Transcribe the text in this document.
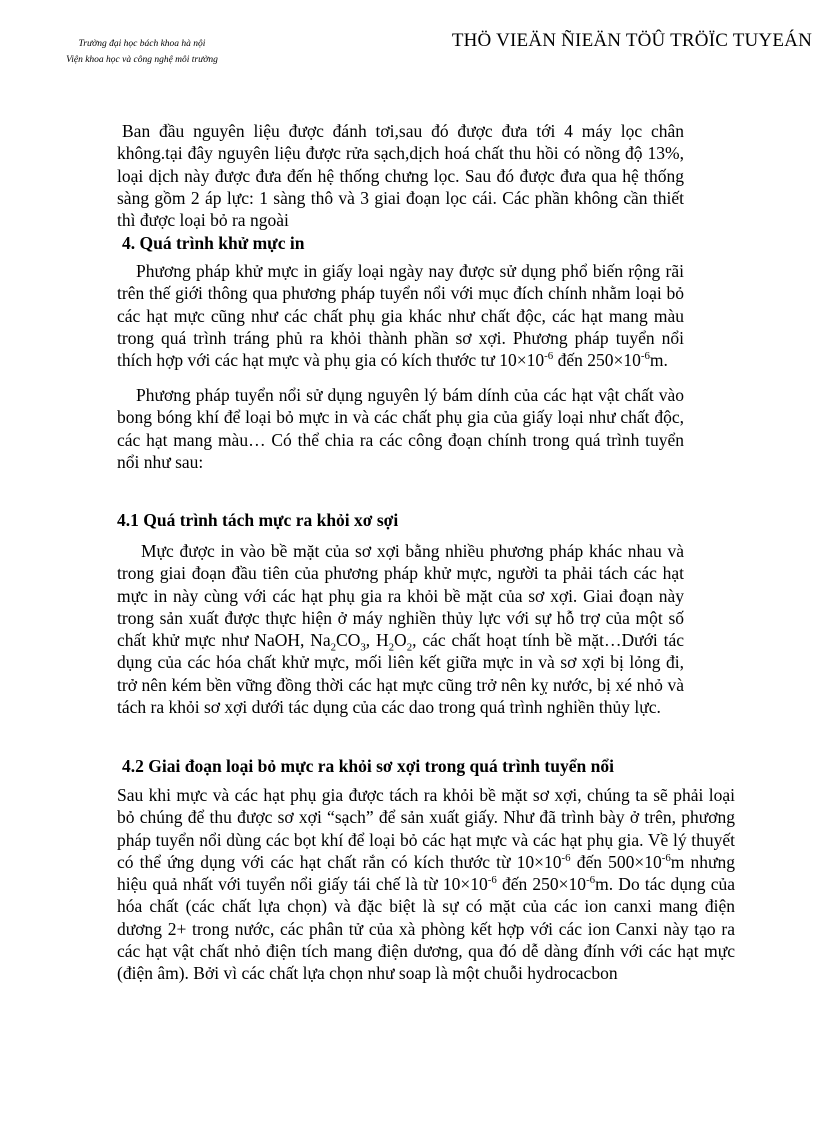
Trường đại học bách khoa hà nội
Viện khoa học và công nghệ môi trường
THÖ VIEÄN ÑIEÄN TÖÛ TRÖÏC TUYEÁN
Ban đầu nguyên liệu được đánh tơi,sau đó được đưa tới 4 máy lọc chân không.tại đây nguyên liệu được rửa sạch,dịch hoá chất thu hồi có nồng độ 13%, loại dịch này được đưa đến hệ thống chưng lọc. Sau đó được đưa qua hệ thống sàng gồm 2 áp lực: 1 sàng thô và 3 giai đoạn lọc cái. Các phần không cần thiết thì được loại bỏ ra ngoài
4. Quá trình khử mực in
Phương pháp khử mực in giấy loại ngày nay được sử dụng phổ biến rộng rãi trên thế giới thông qua phương pháp tuyển nổi với mục đích chính nhằm loại bỏ các hạt mực cũng như các chất phụ gia khác như chất độc, các hạt mang màu trong quá trình tráng phủ ra khỏi thành phần sơ xợi. Phương pháp tuyển nổi thích hợp với các hạt mực và phụ gia có kích thước tư $10\times 10^{-6}$ đến $250\times 10^{-6}m$.
Phương pháp tuyển nổi sử dụng nguyên lý bám dính của các hạt vật chất vào bong bóng khí để loại bỏ mực in và các chất phụ gia của giấy loại như chất độc, các hạt mang màu… Có thể chia ra các công đoạn chính trong quá trình tuyển nổi như sau:
4.1 Quá trình tách mực ra khỏi xơ sợi
Mực được in vào bề mặt của sơ xợi bằng nhiều phương pháp khác nhau và trong giai đoạn đầu tiên của phương pháp khử mực, người ta phải tách các hạt mực in này cùng với các hạt phụ gia ra khỏi bề mặt của sơ xợi. Giai đoạn này trong sản xuất được thực hiện ở máy nghiền thủy lực với sự hỗ trợ của một số chất khử mực như NaOH, $Na_2CO_3$, $H_2O_2$, các chất hoạt tính bề mặt…Dưới tác dụng của các hóa chất khử mực, mối liên kết giữa mực in và sơ xợi bị lỏng đi, trở nên kém bền vững đồng thời các hạt mực cũng trở nên kỵ nước, bị xé nhỏ và tách ra khỏi sơ xợi dưới tác dụng của các dao trong quá trình nghiền thủy lực.
4.2 Giai đoạn loại bỏ mực ra khỏi sơ xợi trong quá trình tuyển nổi
Sau khi mực và các hạt phụ gia được tách ra khỏi bề mặt sơ xợi, chúng ta sẽ phải loại bỏ chúng để thu được sơ xợi “sạch” để sản xuất giấy. Như đã trình bày ở trên, phương pháp tuyển nổi dùng các bọt khí để loại bỏ các hạt mực và các hạt phụ gia. Về lý thuyết có thể ứng dụng với các hạt chất rắn có kích thước từ $10\times 10^{-6}$ đến $500\times 10^{-6}m$ nhưng hiệu quả nhất với tuyển nổi giấy tái chế là từ $10\times 10^{-6}$ đến $250\times 10^{-6}m$. Do tác dụng của hóa chất (các chất lựa chọn) và đặc biệt là sự có mặt của các ion canxi mang điện dương 2+ trong nước, các phân tử của xà phòng kết hợp với các ion Canxi này tạo ra các hạt vật chất nhỏ điện tích mang điện dương, qua đó dễ dàng đính với các hạt mực (điện âm). Bởi vì các chất lựa chọn như soap là một chuỗi hydrocacbon
